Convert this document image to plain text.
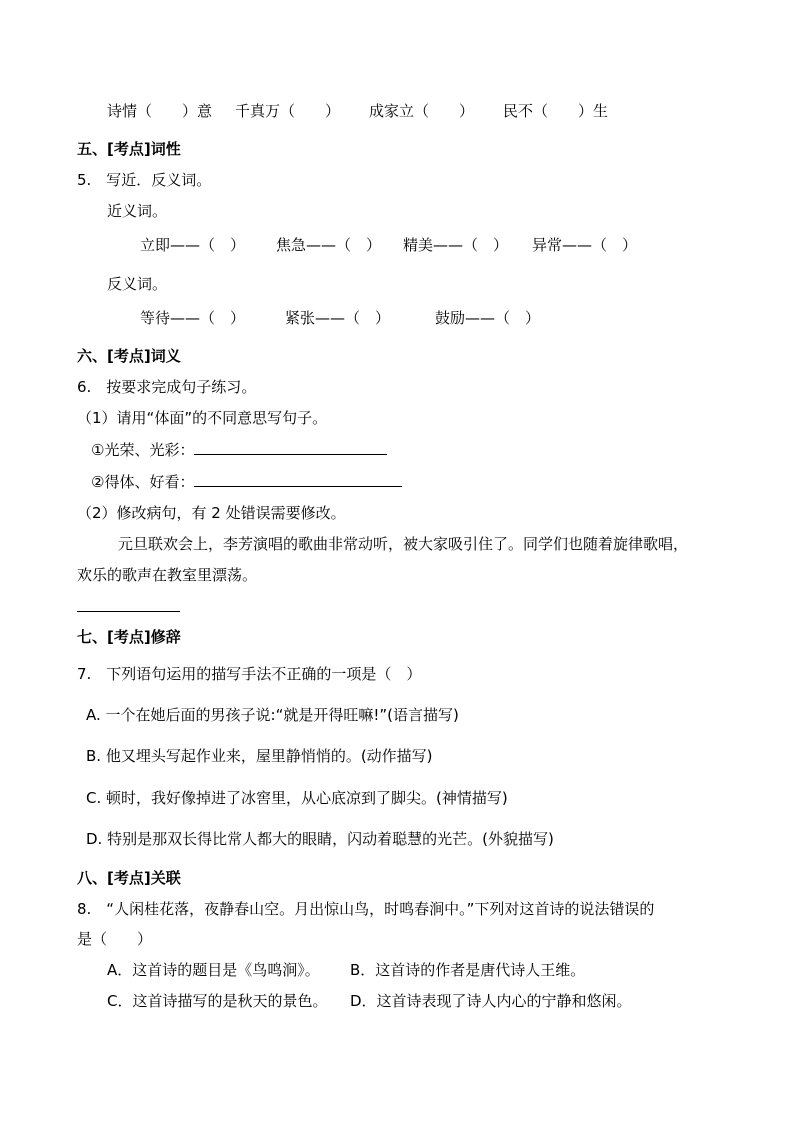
诗情（　　）意 千真万（　　） 成家立（　　） 民不（　　）生
五、[考点]词性
5.　写近．反义词。
近义词。
立即——（　） 焦急——（　） 精美——（　） 异常——（　）
反义词。
等待——（　）	紧张——（　）	鼓励——（　）
六、[考点]词义
6.　按要求完成句子练习。
（1）请用“体面”的不同意思写句子。
①光荣、光彩：
②得体、好看：
（2）修改病句，有 2 处错误需要修改。
元旦联欢会上，李芳演唱的歌曲非常动听，被大家吸引住了。同学们也随着旋律歌唱，
欢乐的歌声在教室里漂荡。
七、[考点]修辞
7.　下列语句运用的描写手法不正确的一项是（　）
A. 一个在她后面的男孩子说:“就是开得旺嘛!”(语言描写)
B. 他又埋头写起作业来，屋里静悄悄的。(动作描写)
C. 顿时，我好像掉进了冰窖里，从心底凉到了脚尖。(神情描写)
D. 特别是那双长得比常人都大的眼睛，闪动着聪慧的光芒。(外貌描写)
八、[考点]关联
8.　“人闲桂花落，夜静春山空。月出惊山鸟，时鸣春涧中。”下列对这首诗的说法错误的
是（　　）
A．这首诗的题目是《鸟鸣涧》。 B．这首诗的作者是唐代诗人王维。
C．这首诗描写的是秋天的景色。 D．这首诗表现了诗人内心的宁静和悠闲。
